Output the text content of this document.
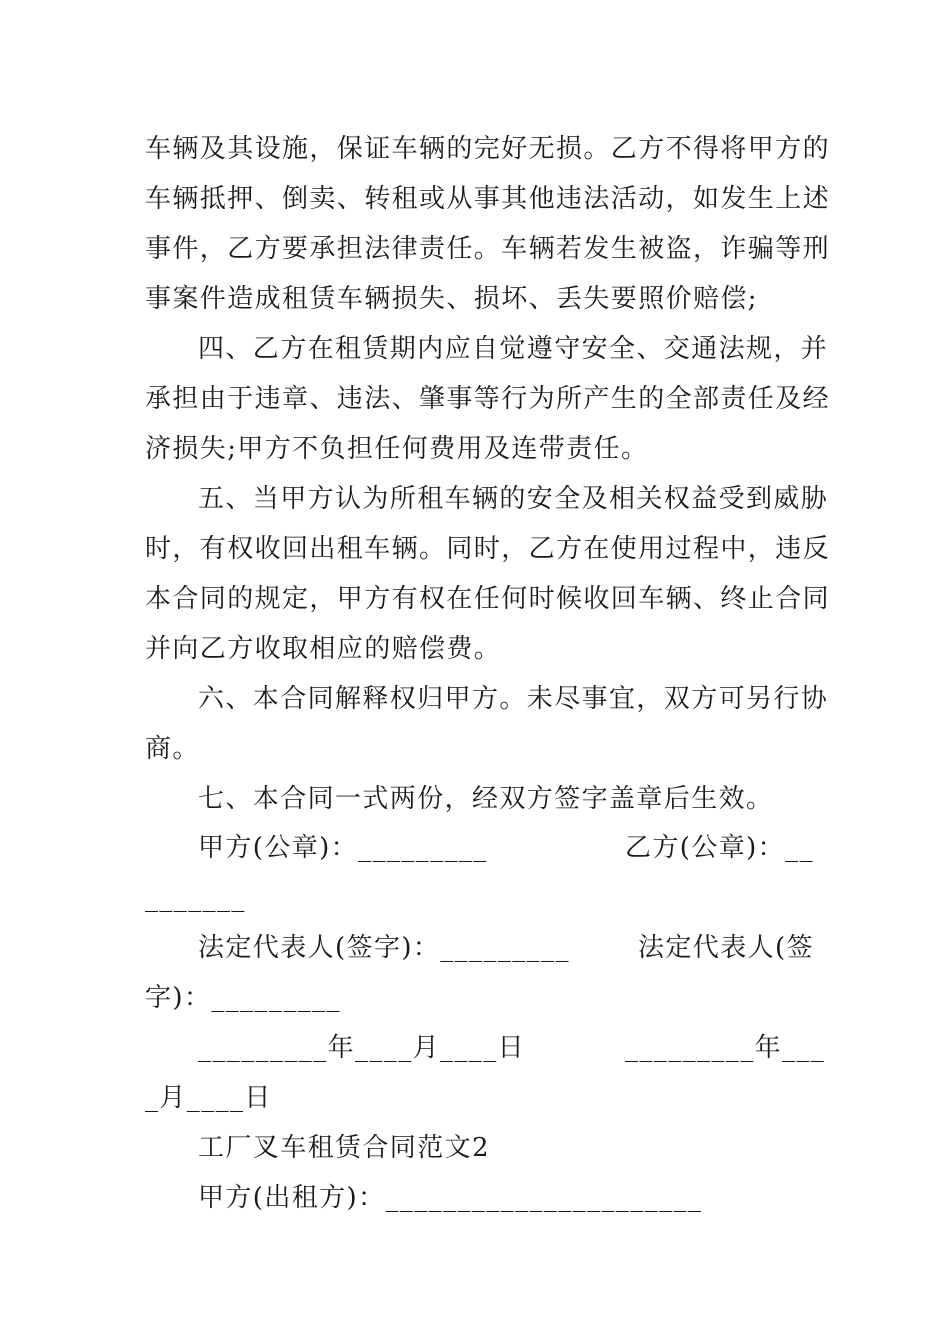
车辆及其设施，保证车辆的完好无损。乙方不得将甲方的
车辆抵押、倒卖、转租或从事其他违法活动，如发生上述
事件，乙方要承担法律责任。车辆若发生被盗，诈骗等刑
事案件造成租赁车辆损失、损坏、丢失要照价赔偿;
四、乙方在租赁期内应自觉遵守安全、交通法规，并
承担由于违章、违法、肇事等行为所产生的全部责任及经
济损失;甲方不负担任何费用及连带责任。
五、当甲方认为所租车辆的安全及相关权益受到威胁
时，有权收回出租车辆。同时，乙方在使用过程中，违反
本合同的规定，甲方有权在任何时候收回车辆、终止合同
并向乙方收取相应的赔偿费。
六、本合同解释权归甲方。未尽事宜，双方可另行协
商。
七、本合同一式两份，经双方签字盖章后生效。
甲方(公章)：_________	乙方(公章)：__
_______
法定代表人(签字)：_________	法定代表人(签
字)：_________
_________年____月____日	_________年___
_月____日
工厂叉车租赁合同范文2
甲方(出租方)：______________________
